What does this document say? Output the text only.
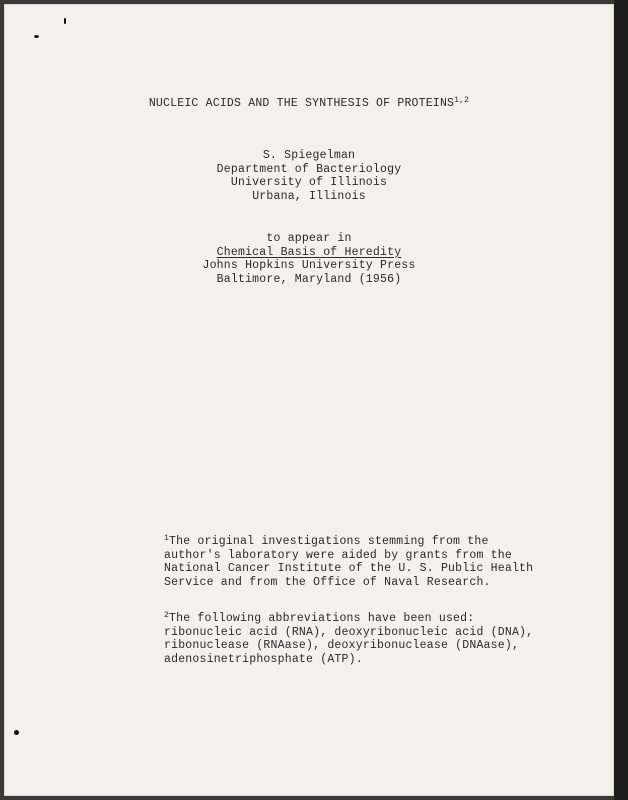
NUCLEIC ACIDS AND THE SYNTHESIS OF PROTEINS$^{1,2}$
S. Spiegelman
Department of Bacteriology
University of Illinois
Urbana, Illinois
to appear in
Chemical Basis of Heredity
Johns Hopkins University Press
Baltimore, Maryland (1956)
$^1$The original investigations stemming from the
author's laboratory were aided by grants from the
National Cancer Institute of the U. S. Public Health
Service and from the Office of Naval Research.
$^2$The following abbreviations have been used:
ribonucleic acid (RNA), deoxyribonucleic acid (DNA),
ribonuclease (RNAase), deoxyribonuclease (DNAase),
adenosinetriphosphate (ATP).
